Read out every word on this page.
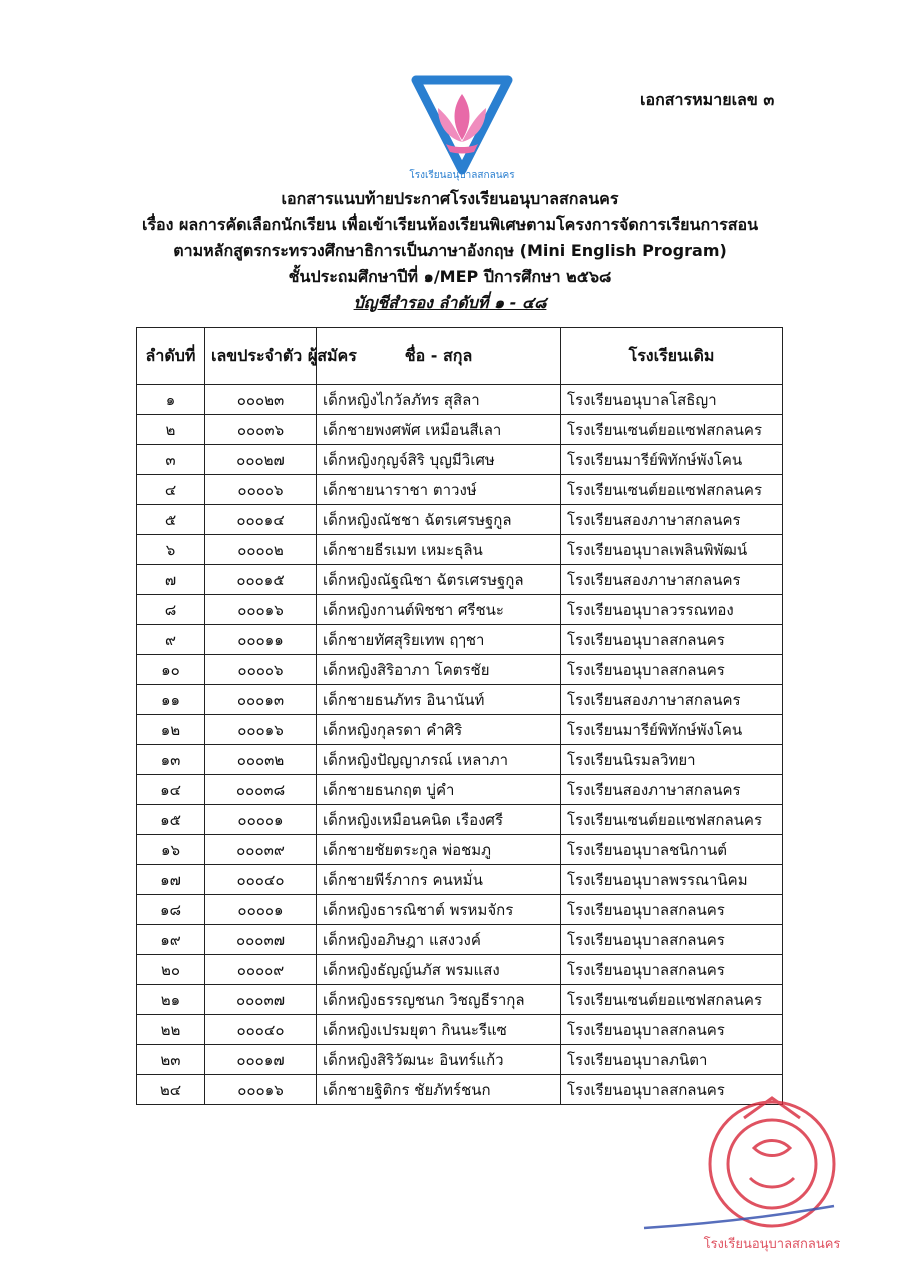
เอกสารหมายเลข ๓
โรงเรียนอนุบาลสกลนคร
เอกสารแนบท้ายประกาศโรงเรียนอนุบาลสกลนคร
เรื่อง ผลการคัดเลือกนักเรียน เพื่อเข้าเรียนห้องเรียนพิเศษตามโครงการจัดการเรียนการสอน
ตามหลักสูตรกระทรวงศึกษาธิการเป็นภาษาอังกฤษ (Mini English Program)
ชั้นประถมศึกษาปีที่ ๑/MEP ปีการศึกษา ๒๕๖๘
บัญชีสำรอง ลำดับที่ ๑ - ๔๘
ลำดับที่	เลขประจำตัว ผู้สมัคร	ชื่อ - สกุล	โรงเรียนเดิม
๑	๐๐๐๒๓	เด็กหญิงไกวัลภัทร สุสิลา	โรงเรียนอนุบาลโสธิญา
๒	๐๐๐๓๖	เด็กชายพงศพัศ เหมือนสีเลา	โรงเรียนเซนต์ยอแซฟสกลนคร
๓	๐๐๐๒๗	เด็กหญิงกุญจ์สิริ บุญมีวิเศษ	โรงเรียนมารีย์พิทักษ์พังโคน
๔	๐๐๐๐๖	เด็กชายนาราชา ตาวงษ์	โรงเรียนเซนต์ยอแซฟสกลนคร
๕	๐๐๐๑๔	เด็กหญิงณัชชา ฉัตรเศรษฐกูล	โรงเรียนสองภาษาสกลนคร
๖	๐๐๐๐๒	เด็กชายธีรเมท เหมะธุลิน	โรงเรียนอนุบาลเพลินพิพัฒน์
๗	๐๐๐๑๕	เด็กหญิงณัฐณิชา ฉัตรเศรษฐกูล	โรงเรียนสองภาษาสกลนคร
๘	๐๐๐๑๖	เด็กหญิงกานต์พิชชา ศรีชนะ	โรงเรียนอนุบาลวรรณทอง
๙	๐๐๐๑๑	เด็กชายทัศสุริยเทพ ฤๅชา	โรงเรียนอนุบาลสกลนคร
๑๐	๐๐๐๐๖	เด็กหญิงสิริอาภา โคตรชัย	โรงเรียนอนุบาลสกลนคร
๑๑	๐๐๐๑๓	เด็กชายธนภัทร อินานันท์	โรงเรียนสองภาษาสกลนคร
๑๒	๐๐๐๑๖	เด็กหญิงกุลรดา คำศิริ	โรงเรียนมารีย์พิทักษ์พังโคน
๑๓	๐๐๐๓๒	เด็กหญิงปัญญาภรณ์ เหลาภา	โรงเรียนนิรมลวิทยา
๑๔	๐๐๐๓๘	เด็กชายธนกฤต บู่คำ	โรงเรียนสองภาษาสกลนคร
๑๕	๐๐๐๐๑	เด็กหญิงเหมือนคนิด เรืองศรี	โรงเรียนเซนต์ยอแซฟสกลนคร
๑๖	๐๐๐๓๙	เด็กชายชัยตระกูล พ่อชมภู	โรงเรียนอนุบาลชนิกานต์
๑๗	๐๐๐๔๐	เด็กชายพีร์ภากร คนหมั่น	โรงเรียนอนุบาลพรรณานิคม
๑๘	๐๐๐๐๑	เด็กหญิงธารณิชาต์ พรหมจักร	โรงเรียนอนุบาลสกลนคร
๑๙	๐๐๐๓๗	เด็กหญิงอภิษฎา แสงวงค์	โรงเรียนอนุบาลสกลนคร
๒๐	๐๐๐๐๙	เด็กหญิงธัญญ์นภัส พรมแสง	โรงเรียนอนุบาลสกลนคร
๒๑	๐๐๐๓๗	เด็กหญิงธรรญชนก วิชญธีรากุล	โรงเรียนเซนต์ยอแซฟสกลนคร
๒๒	๐๐๐๔๐	เด็กหญิงเปรมยุตา กินนะรีแซ	โรงเรียนอนุบาลสกลนคร
๒๓	๐๐๐๑๗	เด็กหญิงสิริวัฒนะ อินทร์แก้ว	โรงเรียนอนุบาลภนิตา
๒๔	๐๐๐๑๖	เด็กชายฐิติกร ชัยภัทร์ชนก	โรงเรียนอนุบาลสกลนคร
โรงเรียนอนุบาลสกลนคร
